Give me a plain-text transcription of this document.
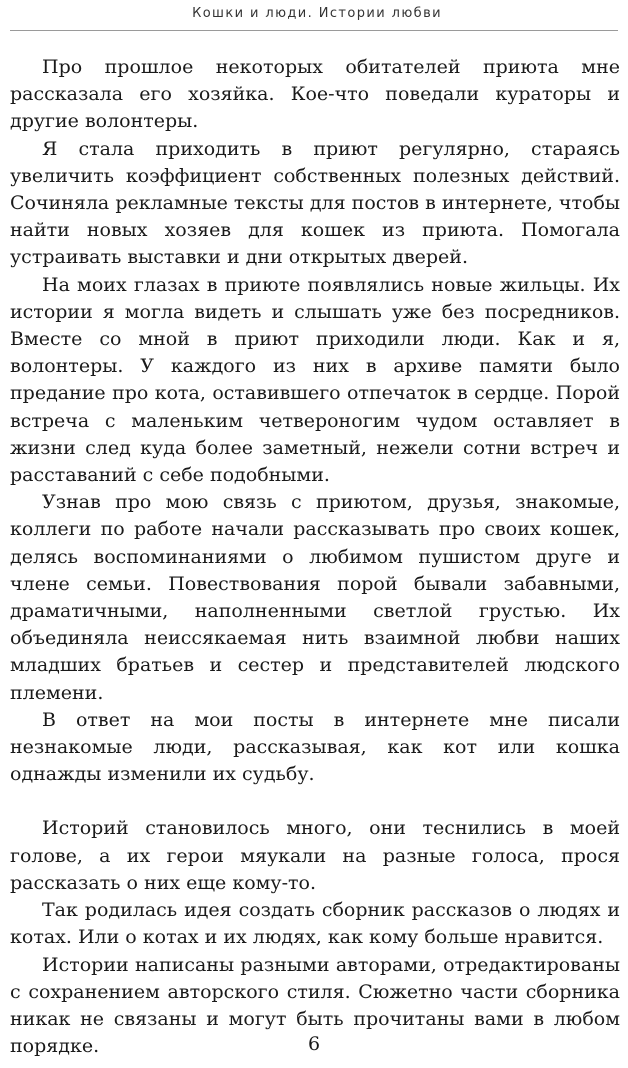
Кошки и люди. Истории любви

Про прошлое некоторых обитателей приюта мне рассказала его хозяйка. Кое-что поведали кураторы и другие волонтеры.

Я стала приходить в приют регулярно, стараясь увеличить коэффициент собственных полезных действий. Сочиняла рекламные тексты для постов в интернете, чтобы найти новых хозяев для кошек из приюта. Помогала устраивать выставки и дни открытых дверей.

На моих глазах в приюте появлялись новые жильцы. Их истории я могла видеть и слышать уже без посредников. Вместе со мной в приют приходили люди. Как и я, волонтеры. У каждого из них в архиве памяти было предание про кота, оставившего отпечаток в сердце. Порой встреча с маленьким четвероногим чудом оставляет в жизни след куда более заметный, нежели сотни встреч и расставаний с себе подобными.

Узнав про мою связь с приютом, друзья, знакомые, коллеги по работе начали рассказывать про своих кошек, делясь воспоминаниями о любимом пушистом друге и члене семьи. Повествования порой бывали забавными, драматичными, наполненными светлой грустью. Их объединяла неиссякаемая нить взаимной любви наших младших братьев и сестер и представителей людского племени.

В ответ на мои посты в интернете мне писали незнакомые люди, рассказывая, как кот или кошка однажды изменили их судьбу.

Историй становилось много, они теснились в моей голове, а их герои мяукали на разные голоса, прося рассказать о них еще кому-то.

Так родилась идея создать сборник рассказов о людях и котах. Или о котах и их людях, как кому больше нравится.

Истории написаны разными авторами, отредактированы с сохранением авторского стиля. Сюжетно части сборника никак не связаны и могут быть прочитаны вами в любом порядке.	6
